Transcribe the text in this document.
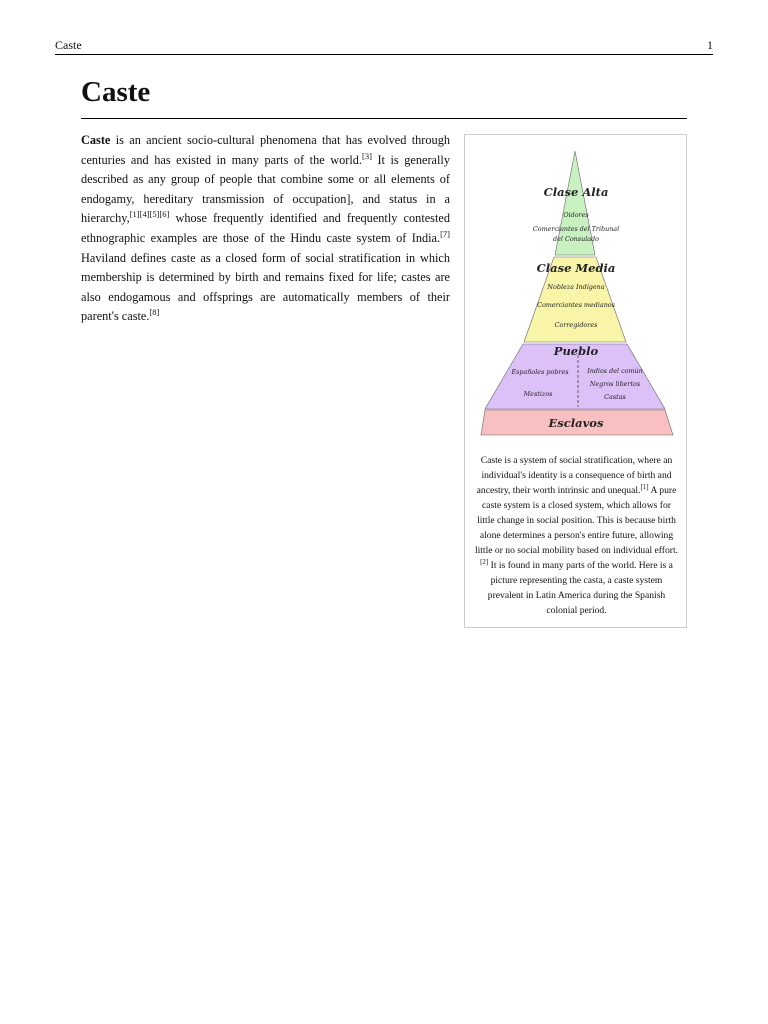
Caste	1
Caste

Caste is an ancient socio-cultural phenomena that has evolved through centuries and has existed in many parts of the world.[3] It is generally described as any group of people that combine some or all elements of endogamy, hereditary transmission of occupation], and status in a hierarchy,[1][4][5][6] whose frequently identified and frequently contested ethnographic examples are those of the Hindu caste system of India.[7] Haviland defines caste as a closed form of social stratification in which membership is determined by birth and remains fixed for life; castes are also endogamous and offsprings are automatically members of their parent's caste.[8]

Clase Alta
Oidores
Comerciantes del Tribunal
del Consulado
Clase Media
Nobleza Indígena
Comerciantes medianos
Corregidores
Pueblo
Españoles pobres
Mestizos
Indios del común
Negros libertos
Castas
Esclavos

Caste is a system of social stratification, where an individual's identity is a consequence of birth and ancestry, their worth intrinsic and unequal.[1] A pure caste system is a closed system, which allows for little change in social position. This is because birth alone determines a person's entire future, allowing little or no social mobility based on individual effort.[2] It is found in many parts of the world. Here is a picture representing the casta, a caste system prevalent in Latin America during the Spanish colonial period.
